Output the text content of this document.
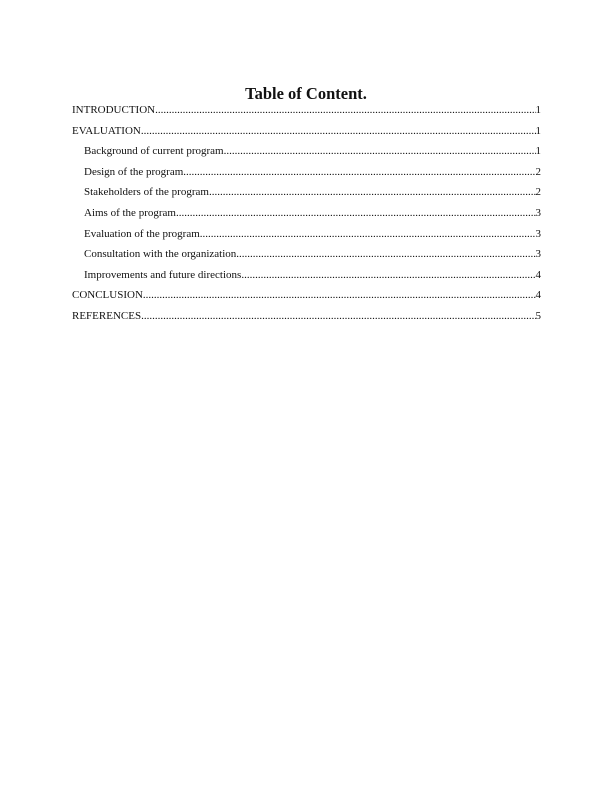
Table of Content.
INTRODUCTION .....	1
EVALUATION .....	1
Background of current program .....	1
Design of the program .....	2
Stakeholders of the program .....	2
Aims of the program .....	3
Evaluation of the program .....	3
Consultation with the organization .....	3
Improvements and future directions .....	4
CONCLUSION .....	4
REFERENCES .....	5
